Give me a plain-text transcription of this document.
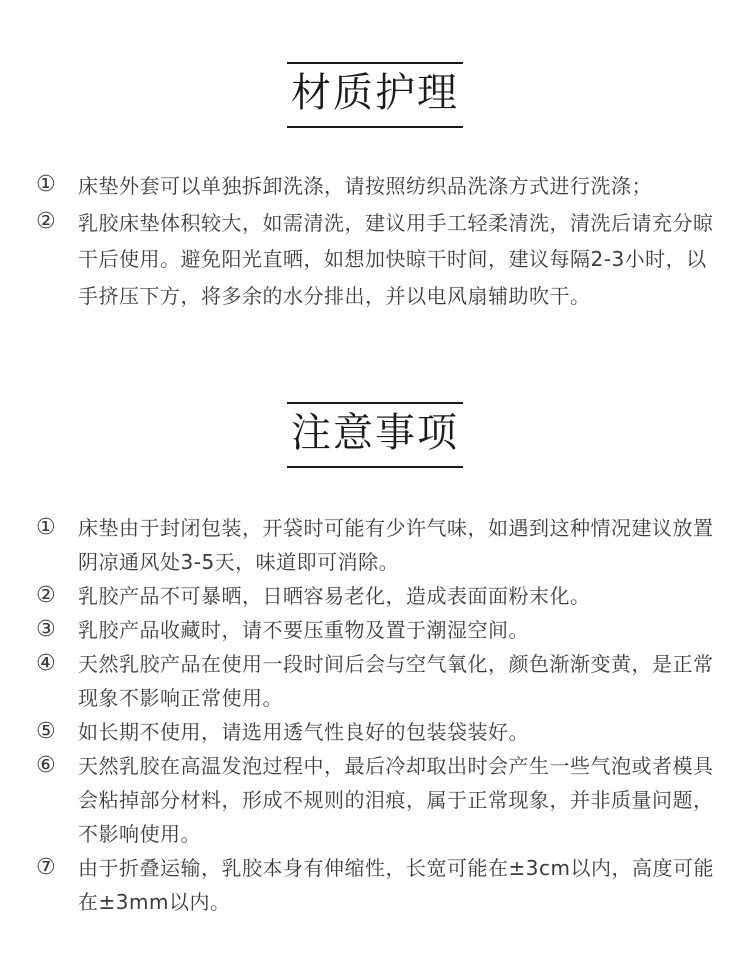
材质护理
①	床垫外套可以单独拆卸洗涤，请按照纺织品洗涤方式进行洗涤；
②	乳胶床垫体积较大，如需清洗，建议用手工轻柔清洗，清洗后请充分晾干后使用。避免阳光直晒，如想加快晾干时间，建议每隔2-3小时，以手挤压下方，将多余的水分排出，并以电风扇辅助吹干。
注意事项
①	床垫由于封闭包装，开袋时可能有少许气味，如遇到这种情况建议放置阴凉通风处3-5天，味道即可消除。
②	乳胶产品不可暴晒，日晒容易老化，造成表面面粉末化。
③	乳胶产品收藏时，请不要压重物及置于潮湿空间。
④	天然乳胶产品在使用一段时间后会与空气氧化，颜色渐渐变黄，是正常现象不影响正常使用。
⑤	如长期不使用，请选用透气性良好的包装袋装好。
⑥	天然乳胶在高温发泡过程中，最后冷却取出时会产生一些气泡或者模具会粘掉部分材料，形成不规则的泪痕，属于正常现象，并非质量问题，不影响使用。
⑦	由于折叠运输，乳胶本身有伸缩性，长宽可能在±3cm以内，高度可能在±3mm以内。
